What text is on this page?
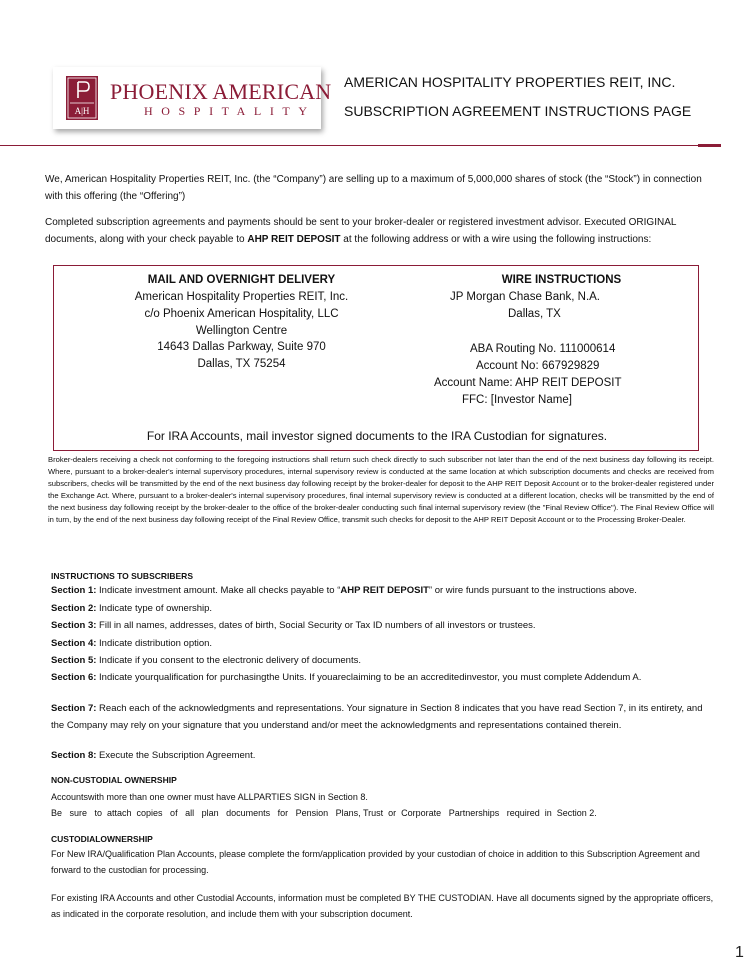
A|H
PHOENIX AMERICAN
HOSPITALITY
AMERICAN HOSPITALITY PROPERTIES REIT, INC.
SUBSCRIPTION AGREEMENT INSTRUCTIONS PAGE
We, American Hospitality Properties REIT, Inc. (the “Company”) are selling up to a maximum of 5,000,000 shares of stock (the “Stock”) in connection with this offering (the “Offering”)
Completed subscription agreements and payments should be sent to your broker-dealer or registered investment advisor. Executed ORIGINAL documents, along with your check payable to AHP REIT DEPOSIT at the following address or with a wire using the following instructions:
MAIL AND OVERNIGHT DELIVERY
American Hospitality Properties REIT, Inc.
c/o Phoenix American Hospitality, LLC
Wellington Centre
14643 Dallas Parkway, Suite 970
Dallas, TX 75254
WIRE INSTRUCTIONS
JP Morgan Chase Bank, N.A.
Dallas, TX
ABA Routing No. 111000614
Account No: 667929829
Account Name: AHP REIT DEPOSIT
FFC: [Investor Name]
For IRA Accounts, mail investor signed documents to the IRA Custodian for signatures.
Broker-dealers receiving a check not conforming to the foregoing instructions shall return such check directly to such subscriber not later than the end of the next business day following its receipt. Where, pursuant to a broker-dealer's internal supervisory procedures, internal supervisory review is conducted at the same location at which subscription documents and checks are received from subscribers, checks will be transmitted by the end of the next business day following receipt by the broker-dealer for deposit to the AHP REIT Deposit Account or to the broker-dealer registered under the Exchange Act. Where, pursuant to a broker-dealer's internal supervisory procedures, final internal supervisory review is conducted at a different location, checks will be transmitted by the end of the next business day following receipt by the broker-dealer to the office of the broker-dealer conducting such final internal supervisory review (the "Final Review Office"). The Final Review Office will in turn, by the end of the next business day following receipt of the Final Review Office, transmit such checks for deposit to the AHP REIT Deposit Account or to the Processing Broker-Dealer.
INSTRUCTIONS TO SUBSCRIBERS
Section 1: Indicate investment amount. Make all checks payable to “AHP REIT DEPOSIT” or wire funds pursuant to the instructions above.
Section 2: Indicate type of ownership.
Section 3: Fill in all names, addresses, dates of birth, Social Security or Tax ID numbers of all investors or trustees.
Section 4: Indicate distribution option.
Section 5: Indicate if you consent to the electronic delivery of documents.
Section 6: Indicate yourqualification for purchasingthe Units. If youareclaiming to be an accreditedinvestor, you must complete Addendum A.
Section 7: Reach each of the acknowledgments and representations. Your signature in Section 8 indicates that you have read Section 7, in its entirety, and the Company may rely on your signature that you understand and/or meet the acknowledgments and representations contained therein.
Section 8: Execute the Subscription Agreement.
NON-CUSTODIAL OWNERSHIP
Accountswith more than one owner must have ALLPARTIES SIGN in Section 8.
Be   sure   to  attach  copies   of   all   plan   documents   for   Pension   Plans, Trust  or  Corporate   Partnerships   required  in  Section 2.
CUSTODIALOWNERSHIP
For New IRA/Qualification Plan Accounts, please complete the form/application provided by your custodian of choice in addition to this Subscription Agreement and forward to the custodian for processing.
For existing IRA Accounts and other Custodial Accounts, information must be completed BY THE CUSTODIAN. Have all documents signed by the appropriate officers, as indicated in the corporate resolution, and include them with your subscription document.
1
